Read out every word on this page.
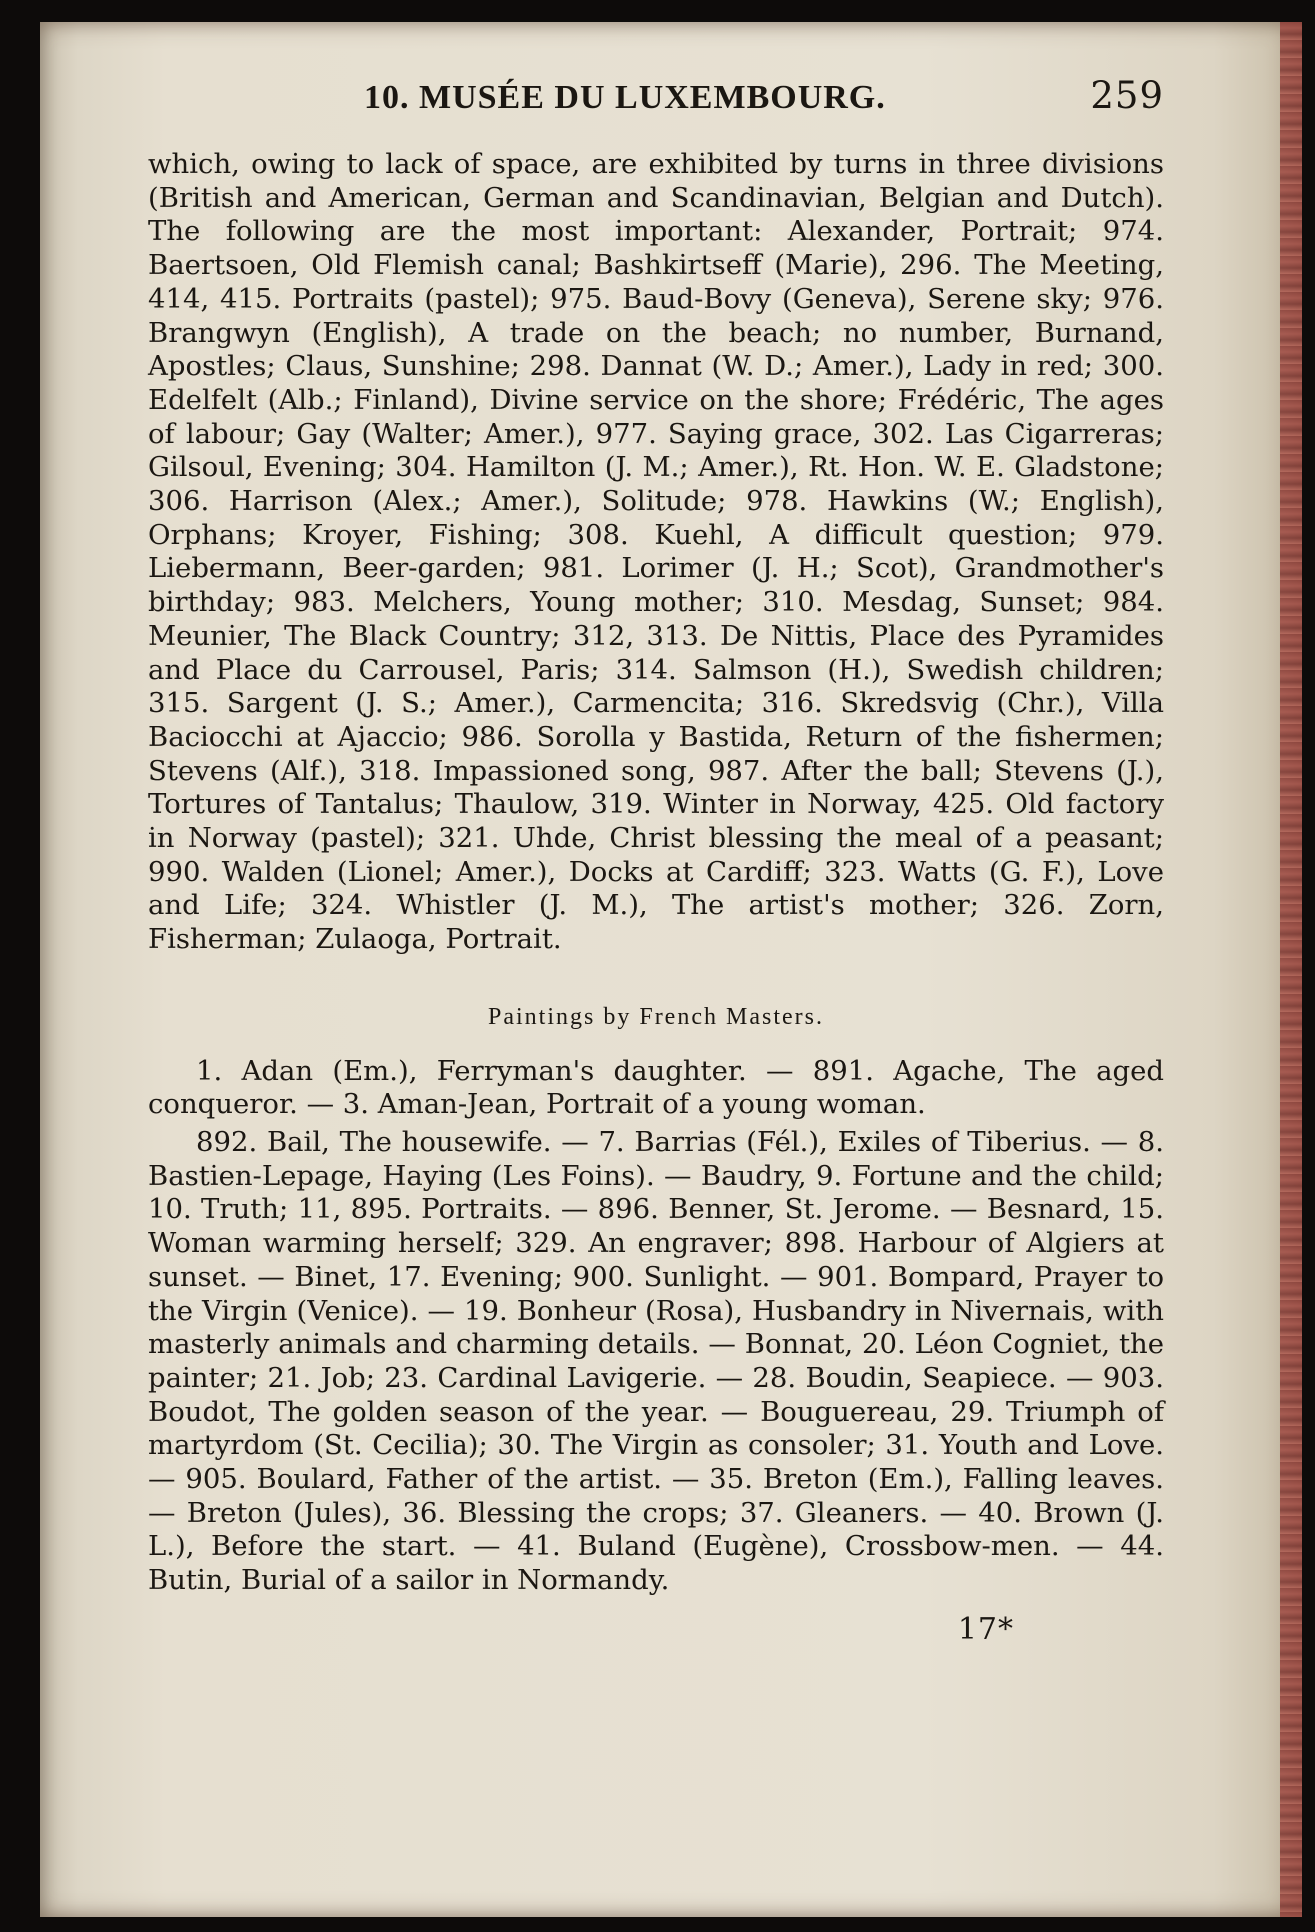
10. MUSÉE DU LUXEMBOURG.	259

which, owing to lack of space, are exhibited by turns in three divisions (British and American, German and Scandinavian, Belgian and Dutch). The following are the most important: Alexander, Portrait; 974. Baertsoen, Old Flemish canal; Bashkirtseff (Marie), 296. The Meeting, 414, 415. Portraits (pastel); 975. Baud-Bovy (Geneva), Serene sky; 976. Brangwyn (English), A trade on the beach; no number, Burnand, Apostles; Claus, Sunshine; 298. Dannat (W. D.; Amer.), Lady in red; 300. Edelfelt (Alb.; Finland), Divine service on the shore; Frédéric, The ages of labour; Gay (Walter; Amer.), 977. Saying grace, 302. Las Cigarreras; Gilsoul, Evening; 304. Hamilton (J. M.; Amer.), Rt. Hon. W. E. Gladstone; 306. Harrison (Alex.; Amer.), Solitude; 978. Hawkins (W.; English), Orphans; Kroyer, Fishing; 308. Kuehl, A difficult question; 979. Liebermann, Beer-garden; 981. Lorimer (J. H.; Scot), Grandmother's birthday; 983. Melchers, Young mother; 310. Mesdag, Sunset; 984. Meunier, The Black Country; 312, 313. De Nittis, Place des Pyramides and Place du Carrousel, Paris; 314. Salmson (H.), Swedish children; 315. Sargent (J. S.; Amer.), Carmencita; 316. Skredsvig (Chr.), Villa Baciocchi at Ajaccio; 986. Sorolla y Bastida, Return of the fishermen; Stevens (Alf.), 318. Impassioned song, 987. After the ball; Stevens (J.), Tortures of Tantalus; Thaulow, 319. Winter in Norway, 425. Old factory in Norway (pastel); 321. Uhde, Christ blessing the meal of a peasant; 990. Walden (Lionel; Amer.), Docks at Cardiff; 323. Watts (G. F.), Love and Life; 324. Whistler (J. M.), The artist's mother; 326. Zorn, Fisherman; Zulaoga, Portrait.

Paintings by French Masters.

1. Adan (Em.), Ferryman's daughter. — 891. Agache, The aged conqueror. — 3. Aman-Jean, Portrait of a young woman.

892. Bail, The housewife. — 7. Barrias (Fél.), Exiles of Tiberius. — 8. Bastien-Lepage, Haying (Les Foins). — Baudry, 9. Fortune and the child; 10. Truth; 11, 895. Portraits. — 896. Benner, St. Jerome. — Besnard, 15. Woman warming herself; 329. An engraver; 898. Harbour of Algiers at sunset. — Binet, 17. Evening; 900. Sunlight. — 901. Bompard, Prayer to the Virgin (Venice). — 19. Bonheur (Rosa), Husbandry in Nivernais, with masterly animals and charming details. — Bonnat, 20. Léon Cogniet, the painter; 21. Job; 23. Cardinal Lavigerie. — 28. Boudin, Seapiece. — 903. Boudot, The golden season of the year. — Bouguereau, 29. Triumph of martyrdom (St. Cecilia); 30. The Virgin as consoler; 31. Youth and Love. — 905. Boulard, Father of the artist. — 35. Breton (Em.), Falling leaves. — Breton (Jules), 36. Blessing the crops; 37. Gleaners. — 40. Brown (J. L.), Before the start. — 41. Buland (Eugène), Crossbow-men. — 44. Butin, Burial of a sailor in Normandy.

17*
